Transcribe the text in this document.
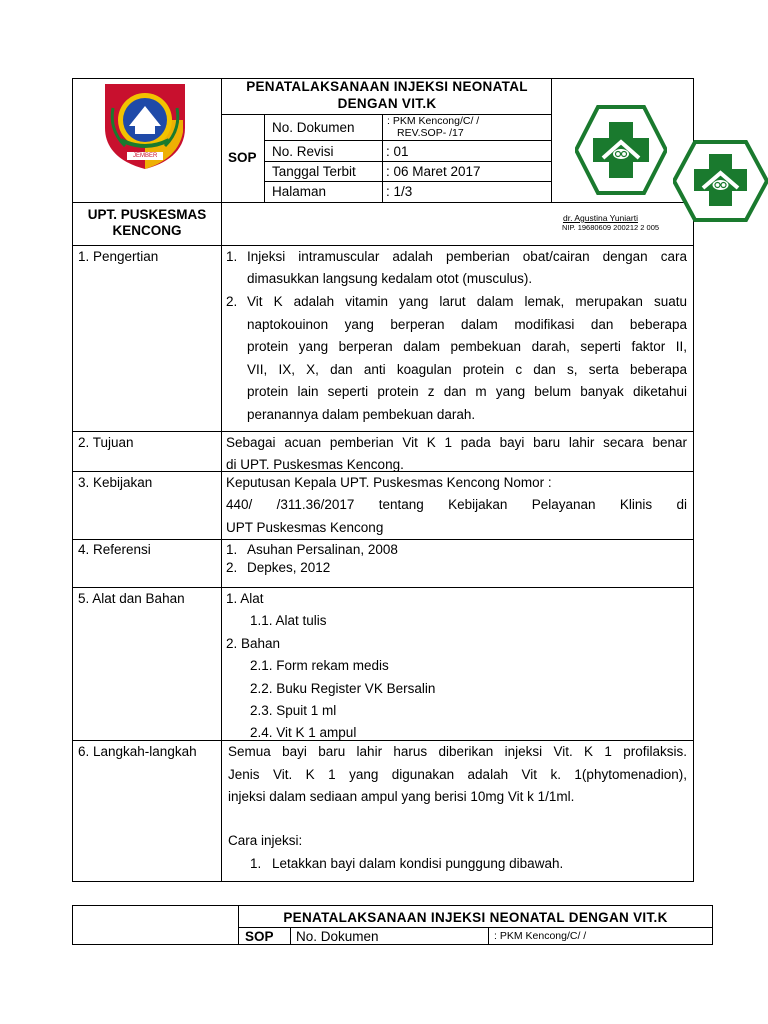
JEMBER
PENATALAKSANAAN INJEKSI NEONATAL
DENGAN VIT.K
SOP
No. Dokumen	: PKM Kencong/C/ /
REV.SOP- /17
No. Revisi	: 01
Tanggal Terbit : 06 Maret 2017
Halaman	: 1/3
UPT. PUSKESMAS
KENCONG
dr. Agustina Yuniarti
NIP. 19680609 200212 2 005
1. Pengertian	1. Injeksi intramuscular adalah pemberian obat/cairan dengan cara
dimasukkan langsung kedalam otot (musculus).
2. Vit K adalah vitamin yang larut dalam lemak, merupakan suatu
naptokouinon yang berperan dalam modifikasi dan beberapa
protein yang berperan dalam pembekuan darah, seperti faktor II,
VII, IX, X, dan anti koagulan protein c dan s, serta beberapa
protein lain seperti protein z dan m yang belum banyak diketahui
peranannya dalam pembekuan darah.
2. Tujuan	Sebagai acuan pemberian Vit K 1 pada bayi baru lahir secara benar
di UPT. Puskesmas Kencong.
3. Kebijakan	Keputusan Kepala UPT. Puskesmas Kencong Nomor :
440/ /311.36/2017 tentang Kebijakan Pelayanan Klinis di
UPT Puskesmas Kencong
4. Referensi	1. Asuhan Persalinan, 2008
2. Depkes, 2012
5. Alat dan Bahan	1. Alat
1.1. Alat tulis
2. Bahan
2.1. Form rekam medis
2.2. Buku Register VK Bersalin
2.3. Spuit 1 ml
2.4. Vit K 1 ampul
6. Langkah-langkah Semua bayi baru lahir harus diberikan injeksi Vit. K 1 profilaksis.
Jenis Vit. K 1 yang digunakan adalah Vit k. 1(phytomenadion),
injeksi dalam sediaan ampul yang berisi 10mg Vit k 1/1ml.
Cara injeksi:
1. Letakkan bayi dalam kondisi punggung dibawah.
PENATALAKSANAAN INJEKSI NEONATAL DENGAN VIT.K
SOP No. Dokumen	: PKM Kencong/C/ /
